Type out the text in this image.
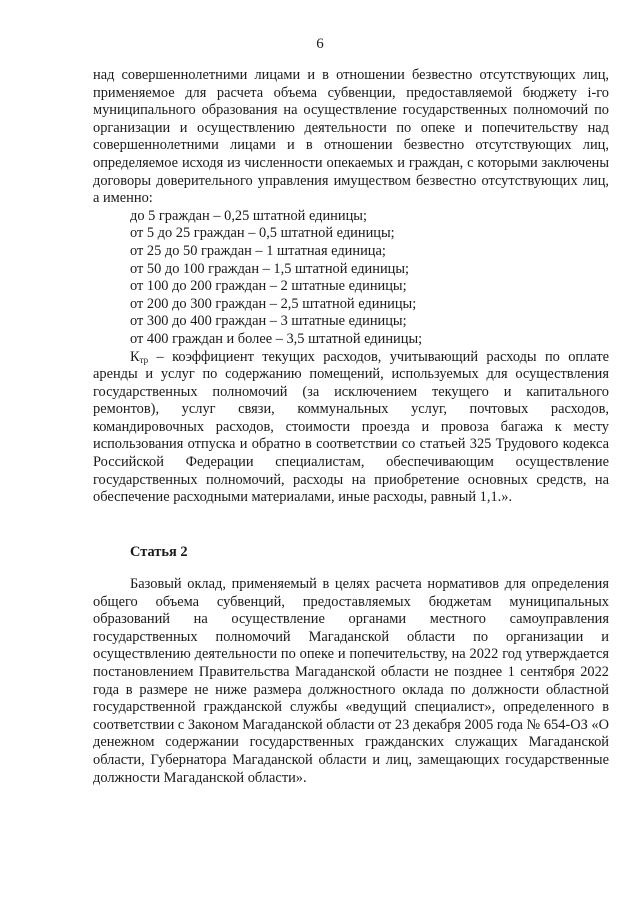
6

над совершеннолетними лицами и в отношении безвестно отсутствующих лиц, применяемое для расчета объема субвенции, предоставляемой бюджету i-го муниципального образования на осуществление государственных полномочий по организации и осуществлению деятельности по опеке и попечительству над совершеннолетними лицами и в отношении безвестно отсутствующих лиц, определяемое исходя из численности опекаемых и граждан, с которыми заключены договоры доверительного управления имуществом безвестно отсутствующих лиц, а именно:

до 5 граждан – 0,25 штатной единицы;
от 5 до 25 граждан – 0,5 штатной единицы;
от 25 до 50 граждан – 1 штатная единица;
от 50 до 100 граждан – 1,5 штатной единицы;
от 100 до 200 граждан – 2 штатные единицы;
от 200 до 300 граждан – 2,5 штатной единицы;
от 300 до 400 граждан – 3 штатные единицы;
от 400 граждан и более – 3,5 штатной единицы;

$К_{тр}$ – коэффициент текущих расходов, учитывающий расходы по оплате аренды и услуг по содержанию помещений, используемых для осуществления государственных полномочий (за исключением текущего и капитального ремонтов), услуг связи, коммунальных услуг, почтовых расходов, командировочных расходов, стоимости проезда и провоза багажа к месту использования отпуска и обратно в соответствии со статьей 325 Трудового кодекса Российской Федерации специалистам, обеспечивающим осуществление государственных полномочий, расходы на приобретение основных средств, на обеспечение расходными материалами, иные расходы, равный 1,1.».

Статья 2

Базовый оклад, применяемый в целях расчета нормативов для определения общего объема субвенций, предоставляемых бюджетам муниципальных образований на осуществление органами местного самоуправления государственных полномочий Магаданской области по организации и осуществлению деятельности по опеке и попечительству, на 2022 год утверждается постановлением Правительства Магаданской области не позднее 1 сентября 2022 года в размере не ниже размера должностного оклада по должности областной государственной гражданской службы «ведущий специалист», определенного в соответствии с Законом Магаданской области от 23 декабря 2005 года № 654-ОЗ «О денежном содержании государственных гражданских служащих Магаданской области, Губернатора Магаданской области и лиц, замещающих государственные должности Магаданской области».
